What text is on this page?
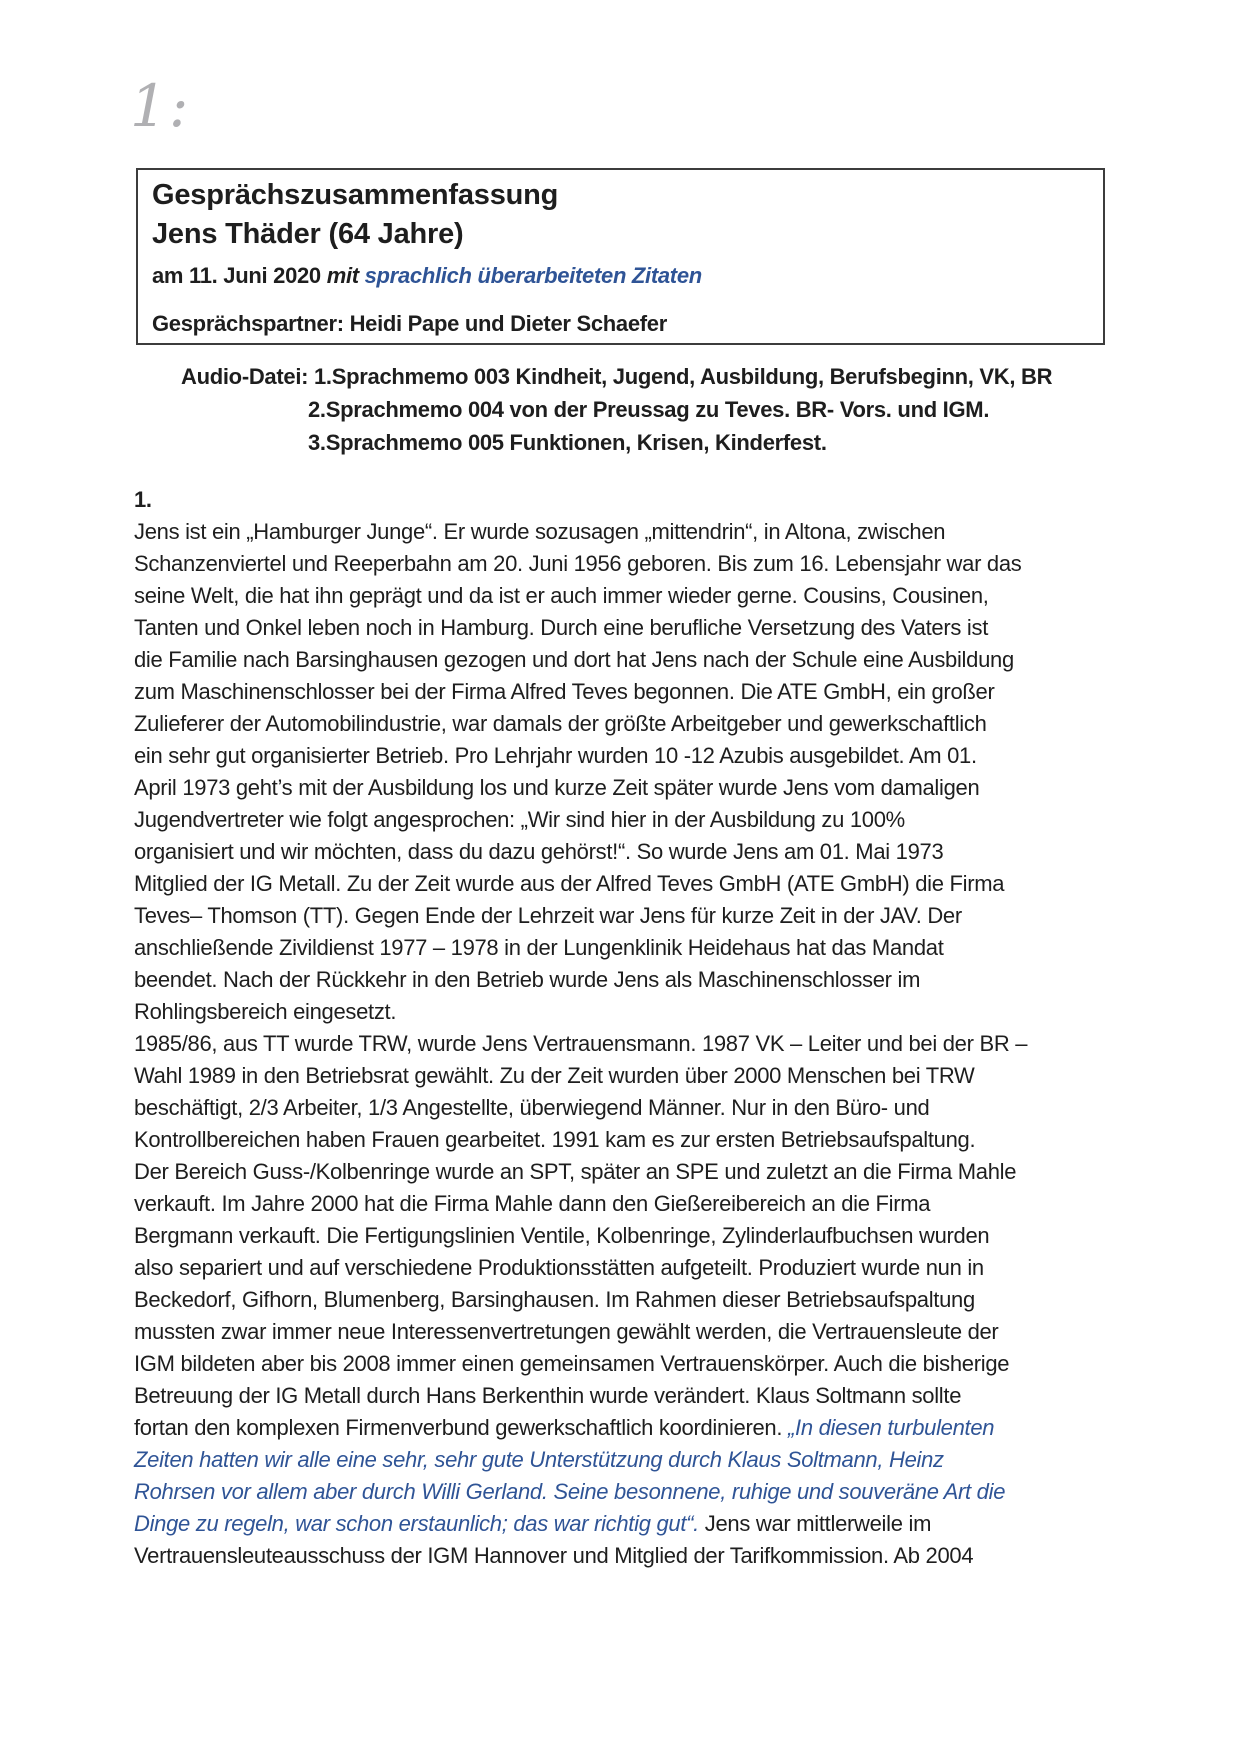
1:
Gesprächszusammenfassung
Jens Thäder (64 Jahre)
am 11. Juni 2020 mit sprachlich überarbeiteten Zitaten
Gesprächspartner: Heidi Pape und Dieter Schaefer
Audio-Datei: 1.Sprachmemo 003 Kindheit, Jugend, Ausbildung, Berufsbeginn, VK, BR
2.Sprachmemo 004 von der Preussag zu Teves. BR- Vors. und IGM.
3.Sprachmemo 005 Funktionen, Krisen, Kinderfest.
1.
Jens ist ein „Hamburger Junge“. Er wurde sozusagen „mittendrin“, in Altona, zwischen
Schanzenviertel und Reeperbahn am 20. Juni 1956 geboren. Bis zum 16. Lebensjahr war das
seine Welt, die hat ihn geprägt und da ist er auch immer wieder gerne. Cousins, Cousinen,
Tanten und Onkel leben noch in Hamburg. Durch eine berufliche Versetzung des Vaters ist
die Familie nach Barsinghausen gezogen und dort hat Jens nach der Schule eine Ausbildung
zum Maschinenschlosser bei der Firma Alfred Teves begonnen. Die ATE GmbH, ein großer
Zulieferer der Automobilindustrie, war damals der größte Arbeitgeber und gewerkschaftlich
ein sehr gut organisierter Betrieb. Pro Lehrjahr wurden 10 -12 Azubis ausgebildet. Am 01.
April 1973 geht’s mit der Ausbildung los und kurze Zeit später wurde Jens vom damaligen
Jugendvertreter wie folgt angesprochen: „Wir sind hier in der Ausbildung zu 100%
organisiert und wir möchten, dass du dazu gehörst!“. So wurde Jens am 01. Mai 1973
Mitglied der IG Metall. Zu der Zeit wurde aus der Alfred Teves GmbH (ATE GmbH) die Firma
Teves– Thomson (TT). Gegen Ende der Lehrzeit war Jens für kurze Zeit in der JAV. Der
anschließende Zivildienst 1977 – 1978 in der Lungenklinik Heidehaus hat das Mandat
beendet. Nach der Rückkehr in den Betrieb wurde Jens als Maschinenschlosser im
Rohlingsbereich eingesetzt.
1985/86, aus TT wurde TRW, wurde Jens Vertrauensmann. 1987 VK – Leiter und bei der BR –
Wahl 1989 in den Betriebsrat gewählt. Zu der Zeit wurden über 2000 Menschen bei TRW
beschäftigt, 2/3 Arbeiter, 1/3 Angestellte, überwiegend Männer. Nur in den Büro- und
Kontrollbereichen haben Frauen gearbeitet. 1991 kam es zur ersten Betriebsaufspaltung.
Der Bereich Guss-/Kolbenringe wurde an SPT, später an SPE und zuletzt an die Firma Mahle
verkauft. Im Jahre 2000 hat die Firma Mahle dann den Gießereibereich an die Firma
Bergmann verkauft. Die Fertigungslinien Ventile, Kolbenringe, Zylinderlaufbuchsen wurden
also separiert und auf verschiedene Produktionsstätten aufgeteilt. Produziert wurde nun in
Beckedorf, Gifhorn, Blumenberg, Barsinghausen. Im Rahmen dieser Betriebsaufspaltung
mussten zwar immer neue Interessenvertretungen gewählt werden, die Vertrauensleute der
IGM bildeten aber bis 2008 immer einen gemeinsamen Vertrauenskörper. Auch die bisherige
Betreuung der IG Metall durch Hans Berkenthin wurde verändert. Klaus Soltmann sollte
fortan den komplexen Firmenverbund gewerkschaftlich koordinieren. „In diesen turbulenten
Zeiten hatten wir alle eine sehr, sehr gute Unterstützung durch Klaus Soltmann, Heinz
Rohrsen vor allem aber durch Willi Gerland. Seine besonnene, ruhige und souveräne Art die
Dinge zu regeln, war schon erstaunlich; das war richtig gut“. Jens war mittlerweile im
Vertrauensleuteausschuss der IGM Hannover und Mitglied der Tarifkommission. Ab 2004
